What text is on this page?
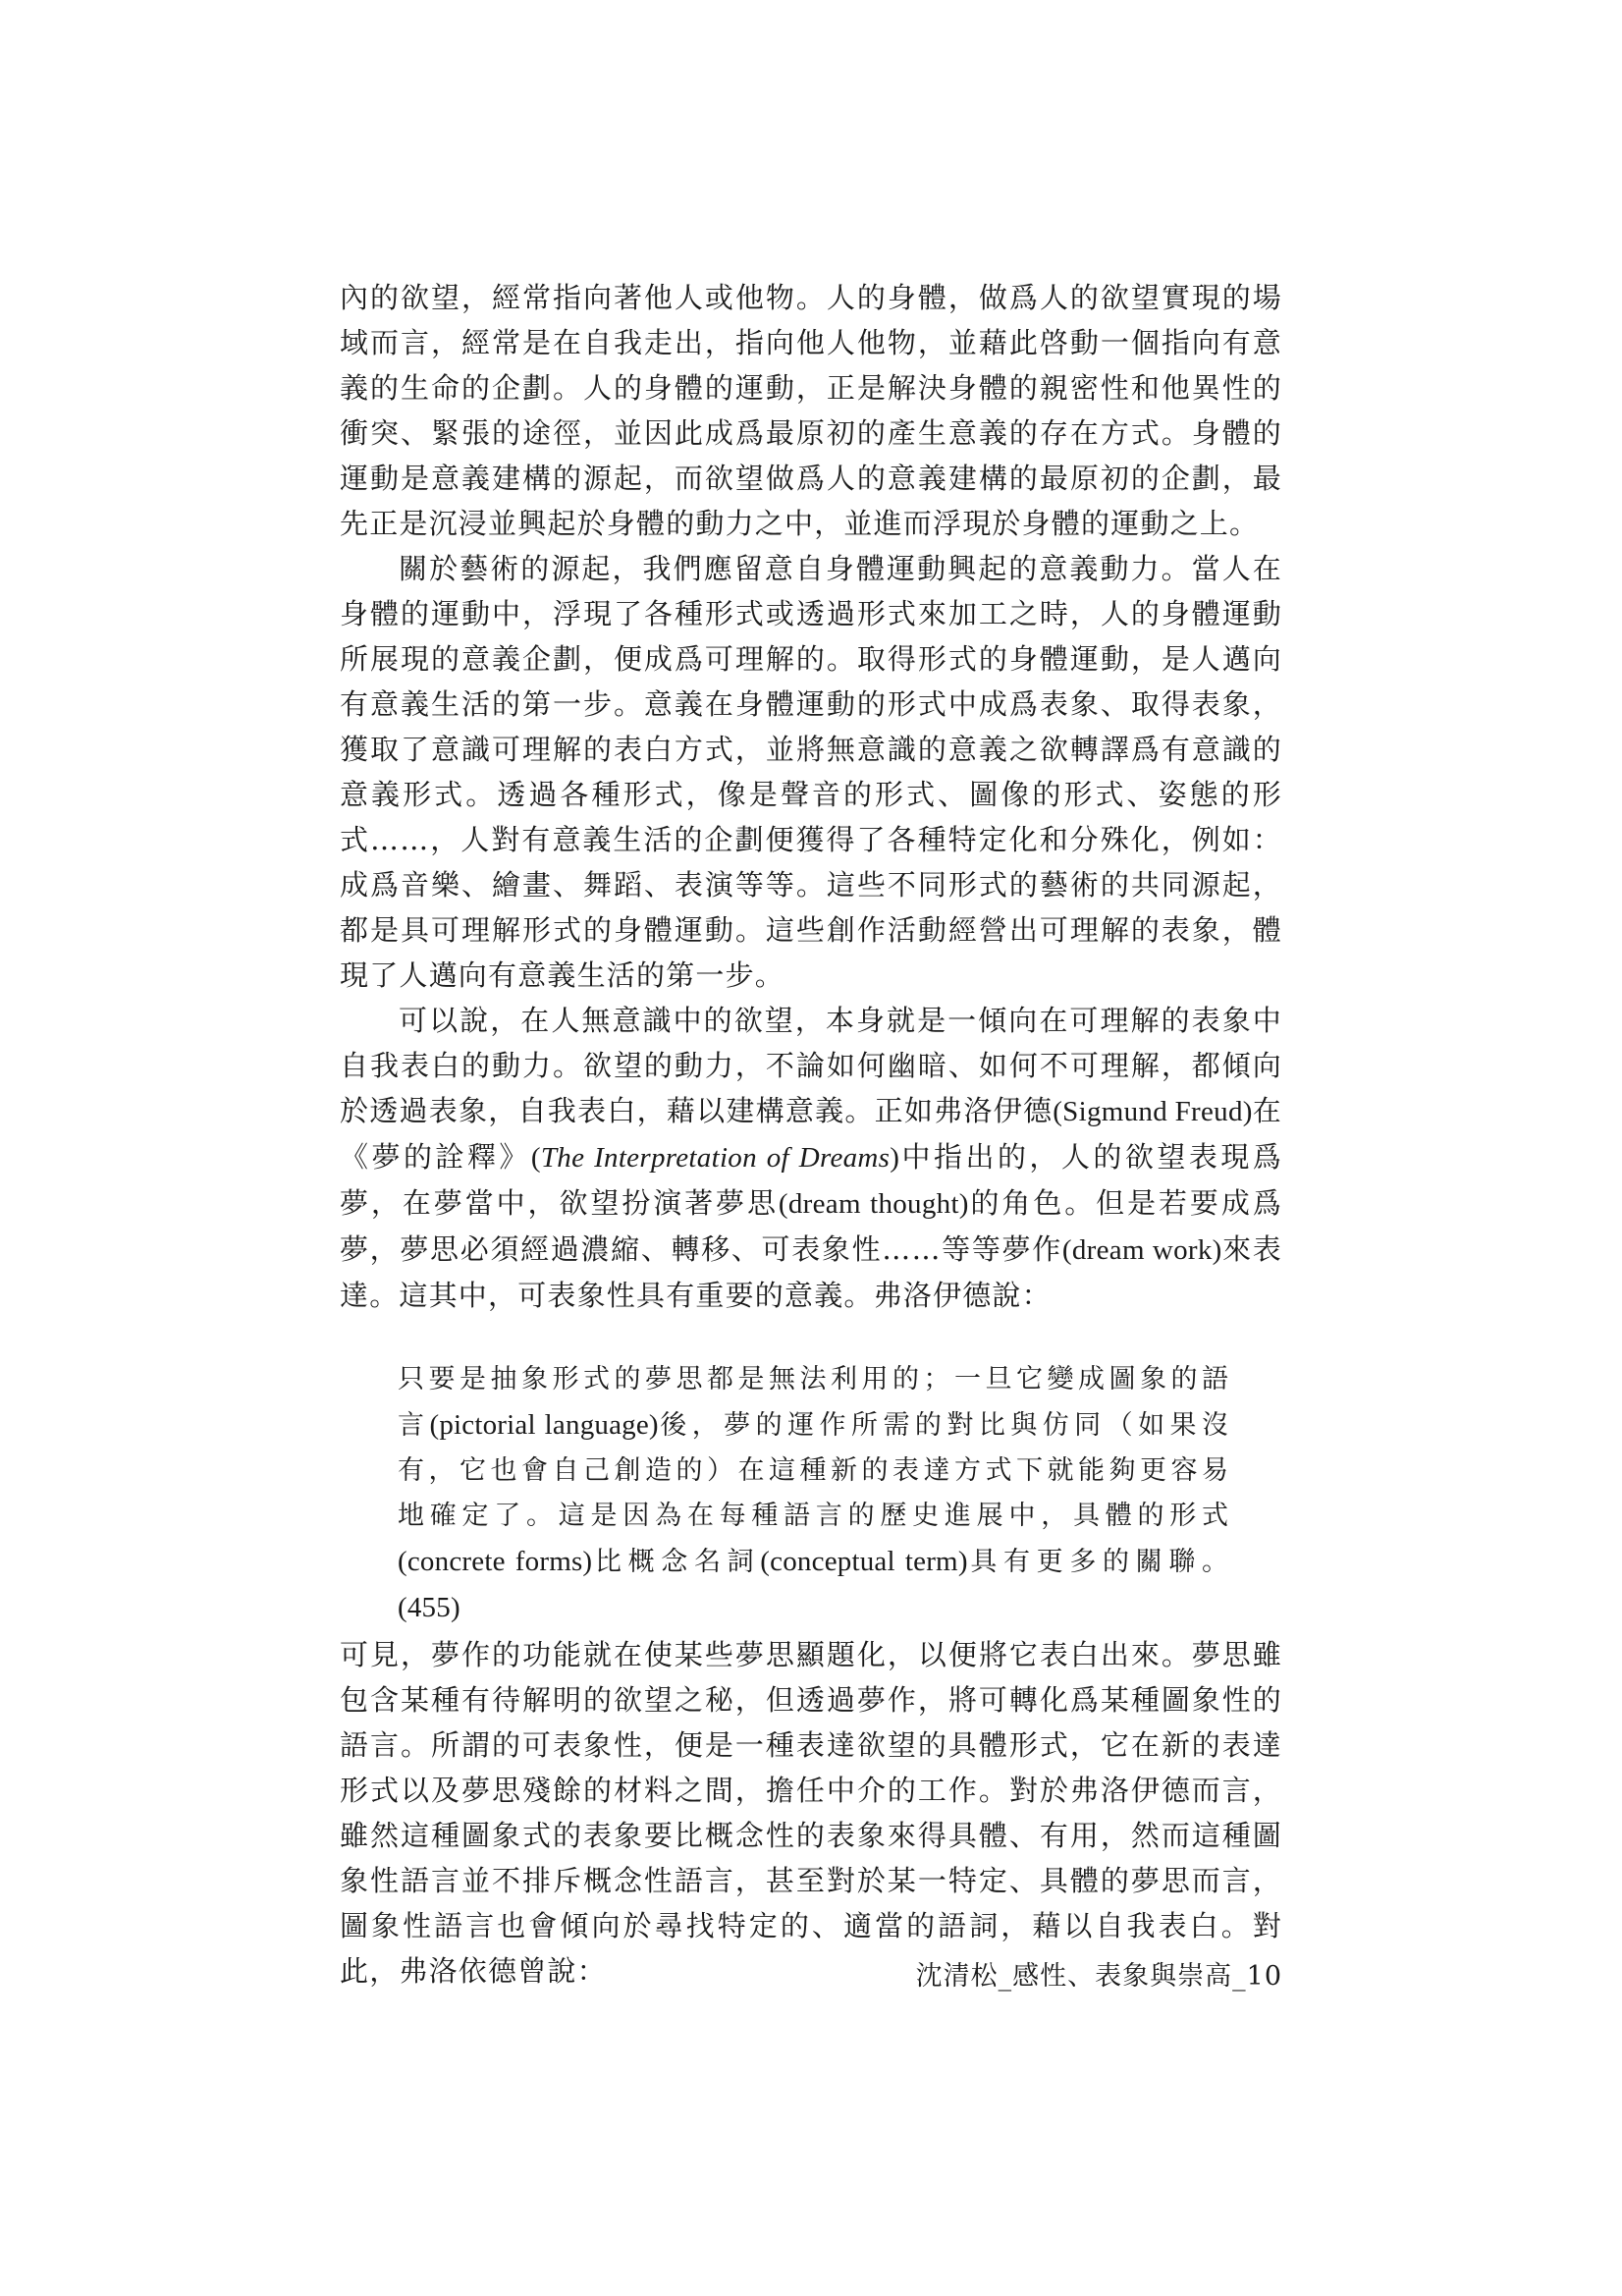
內的欲望，經常指向著他人或他物。人的身體，做爲人的欲望實現的場域而言，經常是在自我走出，指向他人他物，並藉此啓動一個指向有意義的生命的企劃。人的身體的運動，正是解決身體的親密性和他異性的衝突、緊張的途徑，並因此成爲最原初的產生意義的存在方式。身體的運動是意義建構的源起，而欲望做爲人的意義建構的最原初的企劃，最先正是沉浸並興起於身體的動力之中，並進而浮現於身體的運動之上。

關於藝術的源起，我們應留意自身體運動興起的意義動力。當人在身體的運動中，浮現了各種形式或透過形式來加工之時，人的身體運動所展現的意義企劃，便成爲可理解的。取得形式的身體運動，是人邁向有意義生活的第一步。意義在身體運動的形式中成爲表象、取得表象，獲取了意識可理解的表白方式，並將無意識的意義之欲轉譯爲有意識的意義形式。透過各種形式，像是聲音的形式、圖像的形式、姿態的形式……，人對有意義生活的企劃便獲得了各種特定化和分殊化，例如：成爲音樂、繪畫、舞蹈、表演等等。這些不同形式的藝術的共同源起，都是具可理解形式的身體運動。這些創作活動經營出可理解的表象，體現了人邁向有意義生活的第一步。

可以說，在人無意識中的欲望，本身就是一傾向在可理解的表象中自我表白的動力。欲望的動力，不論如何幽暗、如何不可理解，都傾向於透過表象，自我表白，藉以建構意義。正如弗洛伊德(Sigmund Freud)在《夢的詮釋》(The Interpretation of Dreams)中指出的，人的欲望表現爲夢，在夢當中，欲望扮演著夢思(dream thought)的角色。但是若要成爲夢，夢思必須經過濃縮、轉移、可表象性……等等夢作(dream work)來表達。這其中，可表象性具有重要的意義。弗洛伊德說：

只要是抽象形式的夢思都是無法利用的；一旦它變成圖象的語言(pictorial language)後，夢的運作所需的對比與仿同（如果沒有，它也會自己創造的）在這種新的表達方式下就能夠更容易地確定了。這是因為在每種語言的歷史進展中，具體的形式(concrete forms)比概念名詞(conceptual term)具有更多的關聯。(455)

可見，夢作的功能就在使某些夢思顯題化，以便將它表白出來。夢思雖包含某種有待解明的欲望之秘，但透過夢作，將可轉化爲某種圖象性的語言。所謂的可表象性，便是一種表達欲望的具體形式，它在新的表達形式以及夢思殘餘的材料之間，擔任中介的工作。對於弗洛伊德而言，雖然這種圖象式的表象要比概念性的表象來得具體、有用，然而這種圖象性語言並不排斥概念性語言，甚至對於某一特定、具體的夢思而言，圖象性語言也會傾向於尋找特定的、適當的語詞，藉以自我表白。對此，弗洛依德曾說：	沈清松_感性、表象與崇高_10
